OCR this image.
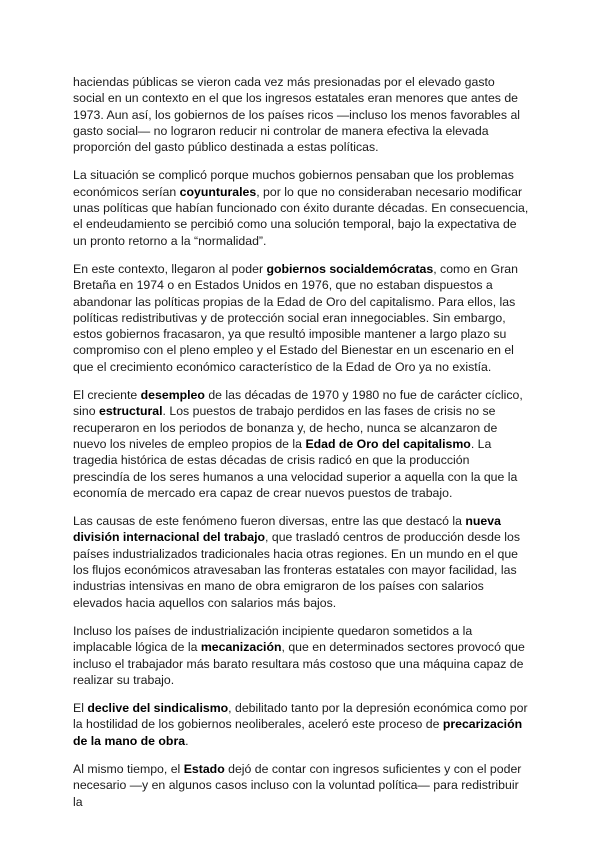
haciendas públicas se vieron cada vez más presionadas por el elevado gasto social en un contexto en el que los ingresos estatales eran menores que antes de 1973. Aun así, los gobiernos de los países ricos —incluso los menos favorables al gasto social— no lograron reducir ni controlar de manera efectiva la elevada proporción del gasto público destinada a estas políticas.

La situación se complicó porque muchos gobiernos pensaban que los problemas económicos serían coyunturales, por lo que no consideraban necesario modificar unas políticas que habían funcionado con éxito durante décadas. En consecuencia, el endeudamiento se percibió como una solución temporal, bajo la expectativa de un pronto retorno a la “normalidad”.

En este contexto, llegaron al poder gobiernos socialdemócratas, como en Gran Bretaña en 1974 o en Estados Unidos en 1976, que no estaban dispuestos a abandonar las políticas propias de la Edad de Oro del capitalismo. Para ellos, las políticas redistributivas y de protección social eran innegociables. Sin embargo, estos gobiernos fracasaron, ya que resultó imposible mantener a largo plazo su compromiso con el pleno empleo y el Estado del Bienestar en un escenario en el que el crecimiento económico característico de la Edad de Oro ya no existía.

El creciente desempleo de las décadas de 1970 y 1980 no fue de carácter cíclico, sino estructural. Los puestos de trabajo perdidos en las fases de crisis no se recuperaron en los periodos de bonanza y, de hecho, nunca se alcanzaron de nuevo los niveles de empleo propios de la Edad de Oro del capitalismo. La tragedia histórica de estas décadas de crisis radicó en que la producción prescindía de los seres humanos a una velocidad superior a aquella con la que la economía de mercado era capaz de crear nuevos puestos de trabajo.

Las causas de este fenómeno fueron diversas, entre las que destacó la nueva división internacional del trabajo, que trasladó centros de producción desde los países industrializados tradicionales hacia otras regiones. En un mundo en el que los flujos económicos atravesaban las fronteras estatales con mayor facilidad, las industrias intensivas en mano de obra emigraron de los países con salarios elevados hacia aquellos con salarios más bajos.

Incluso los países de industrialización incipiente quedaron sometidos a la implacable lógica de la mecanización, que en determinados sectores provocó que incluso el trabajador más barato resultara más costoso que una máquina capaz de realizar su trabajo.

El declive del sindicalismo, debilitado tanto por la depresión económica como por la hostilidad de los gobiernos neoliberales, aceleró este proceso de precarización de la mano de obra.

Al mismo tiempo, el Estado dejó de contar con ingresos suficientes y con el poder necesario —y en algunos casos incluso con la voluntad política— para redistribuir la
